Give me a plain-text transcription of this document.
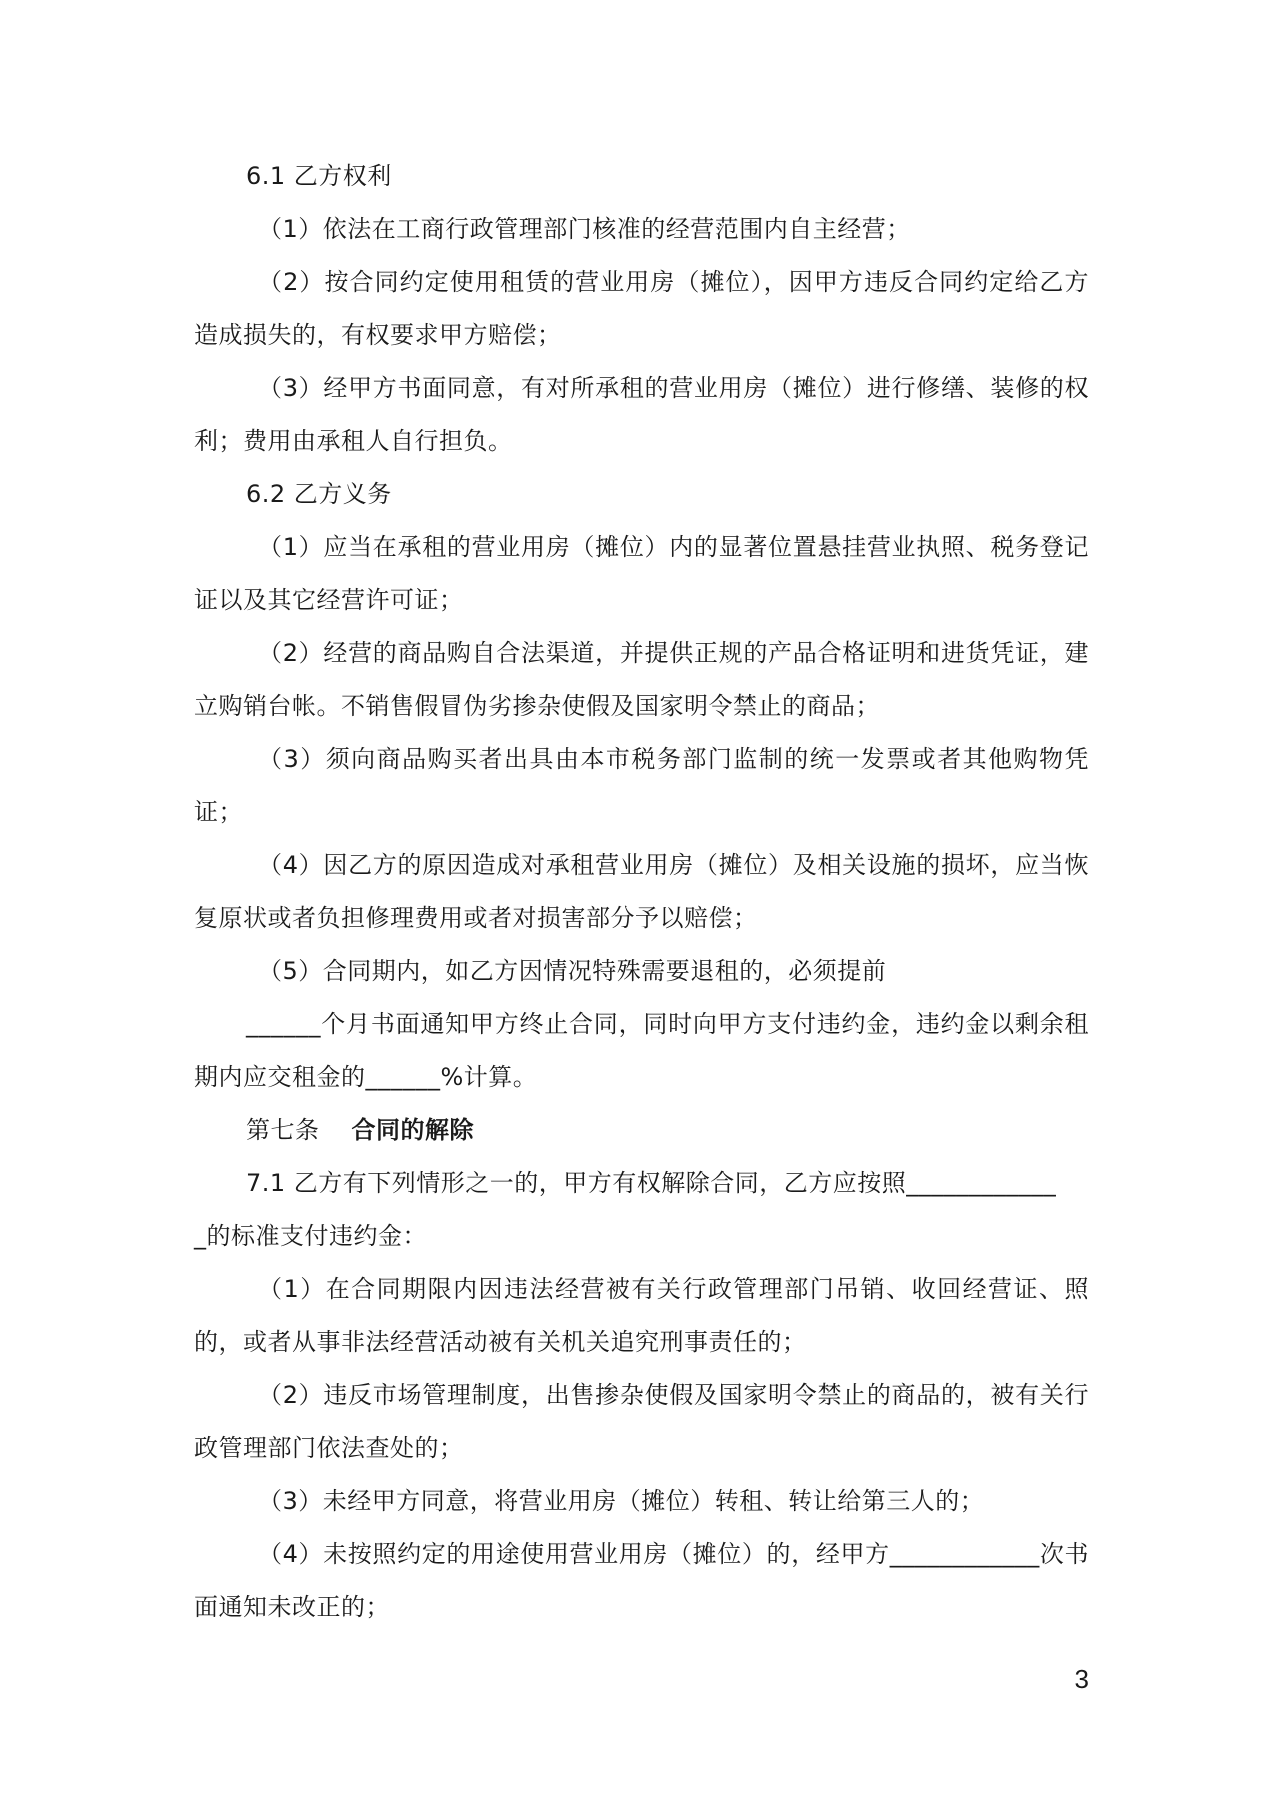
6.1 乙方权利

（1）依法在工商行政管理部门核准的经营范围内自主经营；

（2）按合同约定使用租赁的营业用房（摊位），因甲方违反合同约定给乙方造成损失的，有权要求甲方赔偿；

（3）经甲方书面同意，有对所承租的营业用房（摊位）进行修缮、装修的权利；费用由承租人自行担负。

6.2 乙方义务

（1）应当在承租的营业用房（摊位）内的显著位置悬挂营业执照、税务登记证以及其它经营许可证；

（2）经营的商品购自合法渠道，并提供正规的产品合格证明和进货凭证，建立购销台帐。不销售假冒伪劣掺杂使假及国家明令禁止的商品；

（3）须向商品购买者出具由本市税务部门监制的统一发票或者其他购物凭证；

（4）因乙方的原因造成对承租营业用房（摊位）及相关设施的损坏，应当恢复原状或者负担修理费用或者对损害部分予以赔偿；

（5）合同期内，如乙方因情况特殊需要退租的，必须提前

______个月书面通知甲方终止合同，同时向甲方支付违约金，违约金以剩余租期内应交租金的______%计算。

第七条 合同的解除

7.1 乙方有下列情形之一的，甲方有权解除合同，乙方应按照____________

_的标准支付违约金：

（1）在合同期限内因违法经营被有关行政管理部门吊销、收回经营证、照的，或者从事非法经营活动被有关机关追究刑事责任的；

（2）违反市场管理制度，出售掺杂使假及国家明令禁止的商品的，被有关行政管理部门依法查处的；

（3）未经甲方同意，将营业用房（摊位）转租、转让给第三人的；

（4）未按照约定的用途使用营业用房（摊位）的，经甲方____________次书面通知未改正的；

3
